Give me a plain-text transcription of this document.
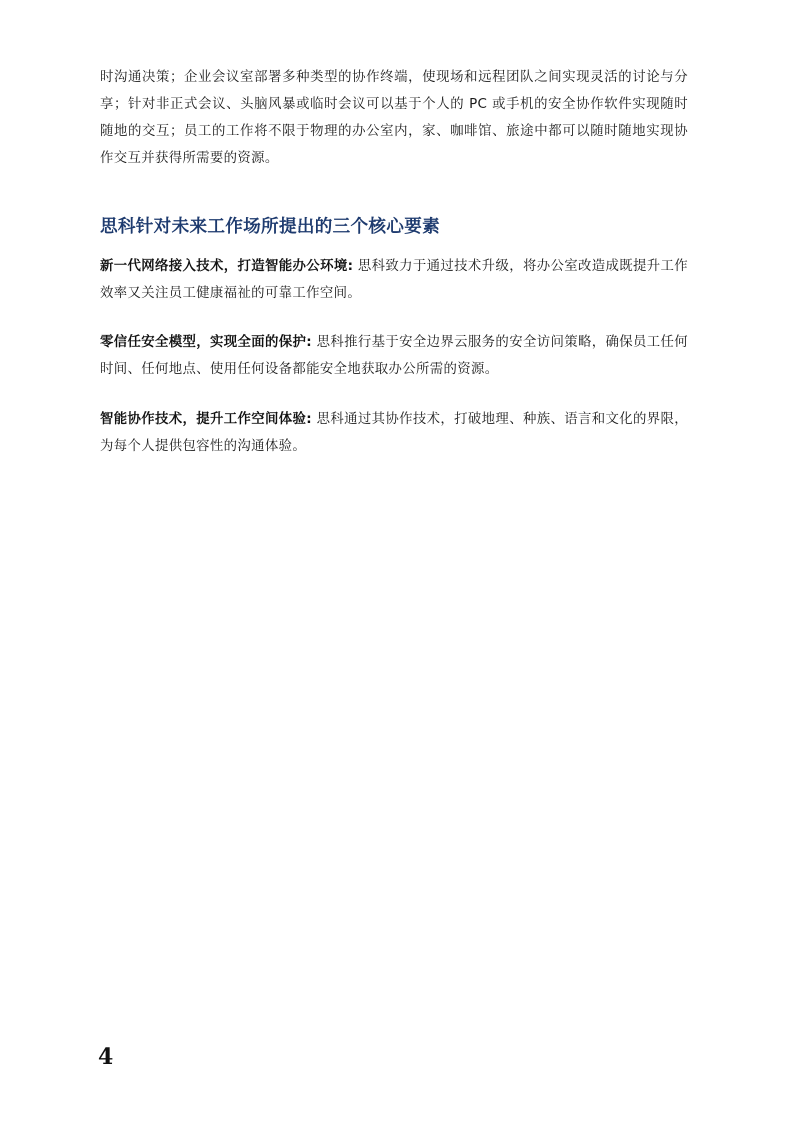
时沟通决策；企业会议室部署多种类型的协作终端，使现场和远程团队之间实现灵活的讨论与分享；针对非正式会议、头脑风暴或临时会议可以基于个人的 PC 或手机的安全协作软件实现随时随地的交互；员工的工作将不限于物理的办公室内，家、咖啡馆、旅途中都可以随时随地实现协作交互并获得所需要的资源。

思科针对未来工作场所提出的三个核心要素

新一代网络接入技术，打造智能办公环境: 思科致力于通过技术升级，将办公室改造成既提升工作效率又关注员工健康福祉的可靠工作空间。

零信任安全模型，实现全面的保护: 思科推行基于安全边界云服务的安全访问策略，确保员工任何时间、任何地点、使用任何设备都能安全地获取办公所需的资源。

智能协作技术，提升工作空间体验: 思科通过其协作技术，打破地理、种族、语言和文化的界限，为每个人提供包容性的沟通体验。

4
